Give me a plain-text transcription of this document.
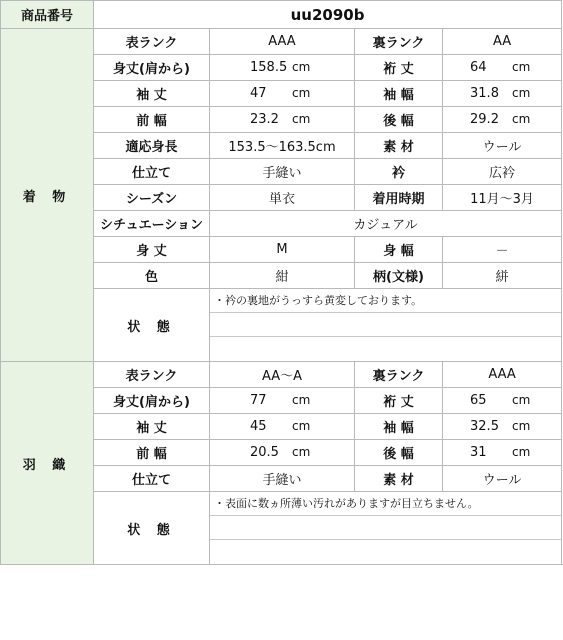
商品番号	uu2090b			
着 物	表ランク	AAA	裏ランク	AA
	身丈(肩から)	158.5 cm	裄 丈	64 cm
	袖 丈	47 cm	袖 幅	31.8 cm
	前 幅	23.2 cm	後 幅	29.2 cm
	適応身長	153.5～163.5cm	素 材	ウール
	仕立て	手縫い	衿	広衿
	シーズン	単衣	着用時期	11月～3月
	シチュエーション	カジュアル		
	身 丈	M	身 幅	－
	色	紺	柄(文様)	絣
	状 態	・衿の裏地がうっすら黄変しております。		

羽 織	表ランク	AA～A	裏ランク	AAA
	身丈(肩から)	77 cm	裄 丈	65 cm
	袖 丈	45 cm	袖 幅	32.5 cm
	前 幅	20.5 cm	後 幅	31 cm
	仕立て	手縫い	素 材	ウール
	状 態	・表面に数ヵ所薄い汚れがありますが目立ちません。		
